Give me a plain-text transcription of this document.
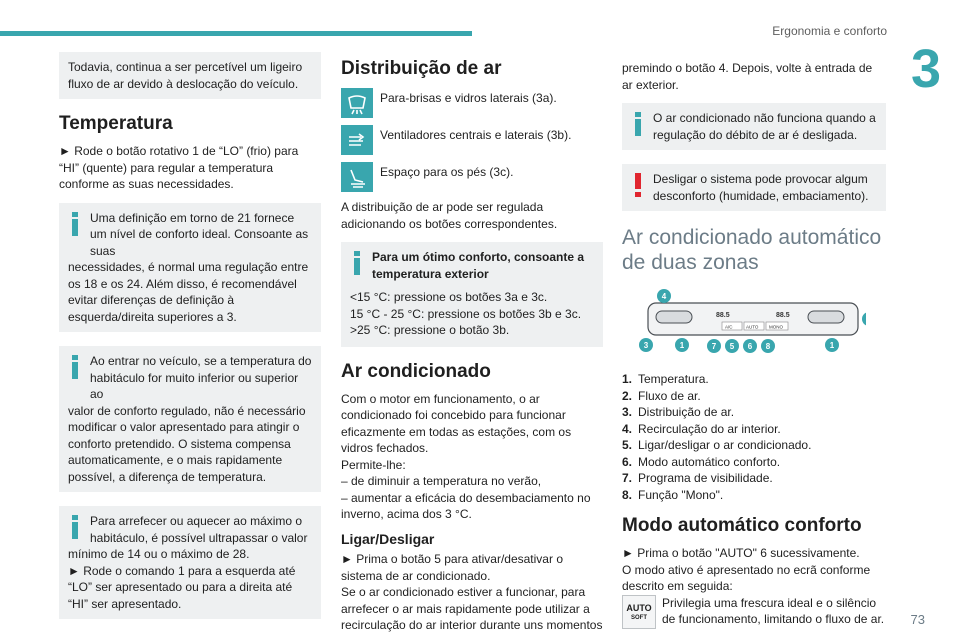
Ergonomia e conforto
3

Todavia, continua a ser percetível um ligeiro fluxo de ar devido à deslocação do veículo.

Temperatura

► Rode o botão rotativo 1 de “LO” (frio) para “HI” (quente) para regular a temperatura conforme as suas necessidades.

Uma definição em torno de 21 fornece um nível de conforto ideal. Consoante as suas

necessidades, é normal uma regulação entre os 18 e os 24. Além disso, é recomendável evitar diferenças de definição à esquerda/direita superiores a 3.

Ao entrar no veículo, se a temperatura do habitáculo for muito inferior ou superior ao

valor de conforto regulado, não é necessário modificar o valor apresentado para atingir o conforto pretendido. O sistema compensa automaticamente, e o mais rapidamente possível, a diferença de temperatura.

Para arrefecer ou aquecer ao máximo o habitáculo, é possível ultrapassar o valor

mínimo de 14 ou o máximo de 28.

► Rode o comando 1 para a esquerda até “LO” ser apresentado ou para a direita até “HI” ser apresentado.

Distribuição de ar
Para-brisas e vidros laterais (3a).
Ventiladores centrais e laterais (3b).
Espaço para os pés (3c).

A distribuição de ar pode ser regulada adicionando os botões correspondentes.

Para um ótimo conforto, consoante a temperatura exterior

<15 °C: pressione os botões 3a e 3c.

15 °C - 25 °C: pressione os botões 3b e 3c.

>25 °C: pressione o botão 3b.

Ar condicionado

Com o motor em funcionamento, o ar condicionado foi concebido para funcionar eficazmente em todas as estações, com os vidros fechados.

Permite-lhe:

– de diminuir a temperatura no verão,

– aumentar a eficácia do desembaciamento no inverno, acima dos 3 °C.

Ligar/Desligar

► Prima o botão 5 para ativar/desativar o sistema de ar condicionado.

Se o ar condicionado estiver a funcionar, para arrefecer o ar mais rapidamente pode utilizar a recirculação do ar interior durante uns momentos

premindo o botão 4. Depois, volte à entrada de ar exterior.

O ar condicionado não funciona quando a regulação do débito de ar é desligada.

Desligar o sistema pode provocar algum desconforto (humidade, embaciamento).

Ar condicionado automático de duas zonas
88.5	88.5
A/C	AUTO MONO
4
3	1	7 5 6 8	1
1. Temperatura.
2. Fluxo de ar.
3. Distribuição de ar.
4. Recirculação do ar interior.
5. Ligar/desligar o ar condicionado.
6. Modo automático conforto.
7. Programa de visibilidade.
8. Função "Mono".
Modo automático conforto

► Prima o botão "AUTO" 6 sucessivamente.

O modo ativo é apresentado no ecrã conforme descrito em seguida:

AUTO
SOFT

Privilegia uma frescura ideal e o silêncio de funcionamento, limitando o fluxo de ar. 73
